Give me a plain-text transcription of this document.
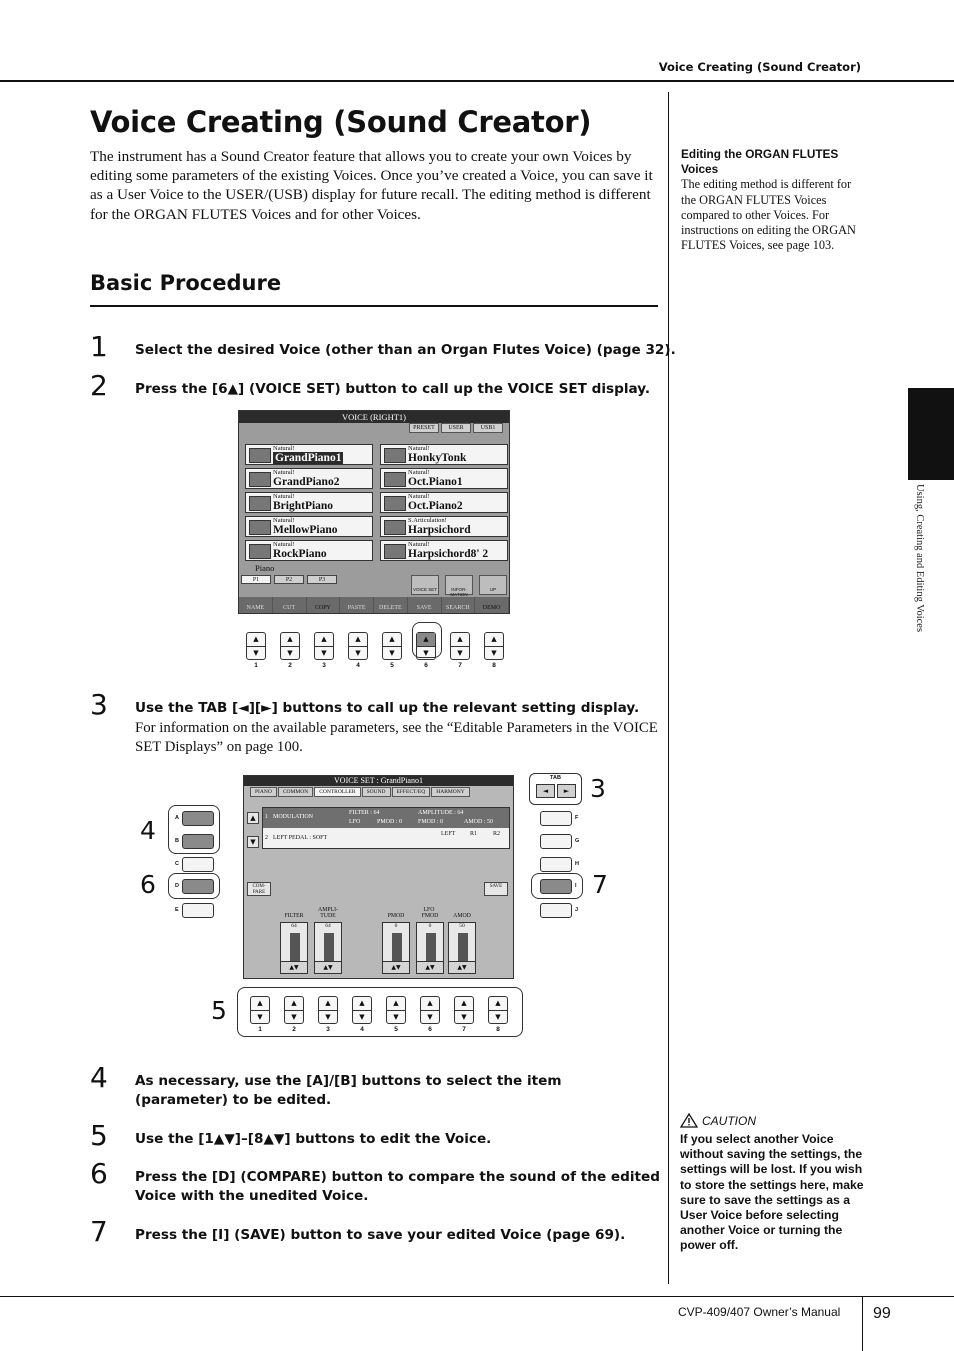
Voice Creating (Sound Creator)
Using, Creating and Editing Voices
Voice Creating (Sound Creator)

The instrument has a Sound Creator feature that allows you to create your own Voices by editing some parameters of the existing Voices. Once you’ve created a Voice, you can save it as a User Voice to the USER/(USB) display for future recall. The editing method is different for the ORGAN FLUTES Voices and for other Voices.

Basic Procedure
1 Select the desired Voice (other than an Organ Flutes Voice) (page 32).
2 Press the [6▲] (VOICE SET) button to call up the VOICE SET display.
VOICE (RIGHT1)
PRESET	USER	USB1
Natural!
GrandPiano1
Natural!
HonkyTonk
Natural!
GrandPiano2
Natural!
Oct.Piano1
Natural!
BrightPiano
Natural!
Oct.Piano2
Natural!
MellowPiano
S.Articulation!
Harpsichord
Natural!
RockPiano
Natural!
Harpsichord8' 2
Piano
P1	P2	P3
VOICE SET	INFOR-MATION
UP
NAME	CUT	COPY	PASTE	DELETE	SAVE	SEARCH	DEMO
▲
▼
1
▲
▼
2
▲
▼
3
▲
▼
4
▲
▼
5
▲
▼
6
▲
▼
7
▲
▼
8
3 Use the TAB [◄][►] buttons to call up the relevant setting display.
For information on the available parameters, see the “Editable Parameters in the VOICE SET Displays” on page 100.
A
B
C
D
E
4
6
VOICE SET : GrandPiano1
PIANO	COMMON	CONTROLLER	SOUND	EFFECT/EQ	HARMONY
▲
▼
1 MODULATION
FILTER : 64	AMPLITUDE : 64
LFO	PMOD : 0	FMOD : 0	AMOD : 50
2 LEFT PEDAL : SOFT
LEFT R1	R2
COM-PARE
SAVE
FILTER
AMPLI-TUDE
LFO
PMOD	FMOD	AMOD
64
▲▼
64
▲▼
0
▲▼
0
▲▼
50
▲▼
TAB
◄	► 3
F
G
H
I
J
7
▲
▼
1
▲
▼
2
▲
▼
3
▲
▼
4
▲
▼
5
▲
▼
6
▲
▼
7
▲
▼
8
5
4 As necessary, use the [A]/[B] buttons to select the item (parameter) to be edited.
5 Use the [1▲▼]–[8▲▼] buttons to edit the Voice.
6 Press the [D] (COMPARE) button to compare the sound of the edited Voice with the unedited Voice.
7 Press the [I] (SAVE) button to save your edited Voice (page 69).
Editing the ORGAN FLUTES Voices
The editing method is different for the ORGAN FLUTES Voices compared to other Voices. For instructions on editing the ORGAN FLUTES Voices, see page 103.
CAUTION
If you select another Voice without saving the settings, the settings will be lost. If you wish to store the settings here, make sure to save the settings as a User Voice before selecting another Voice or turning the power off.
CVP-409/407 Owner’s Manual 99
